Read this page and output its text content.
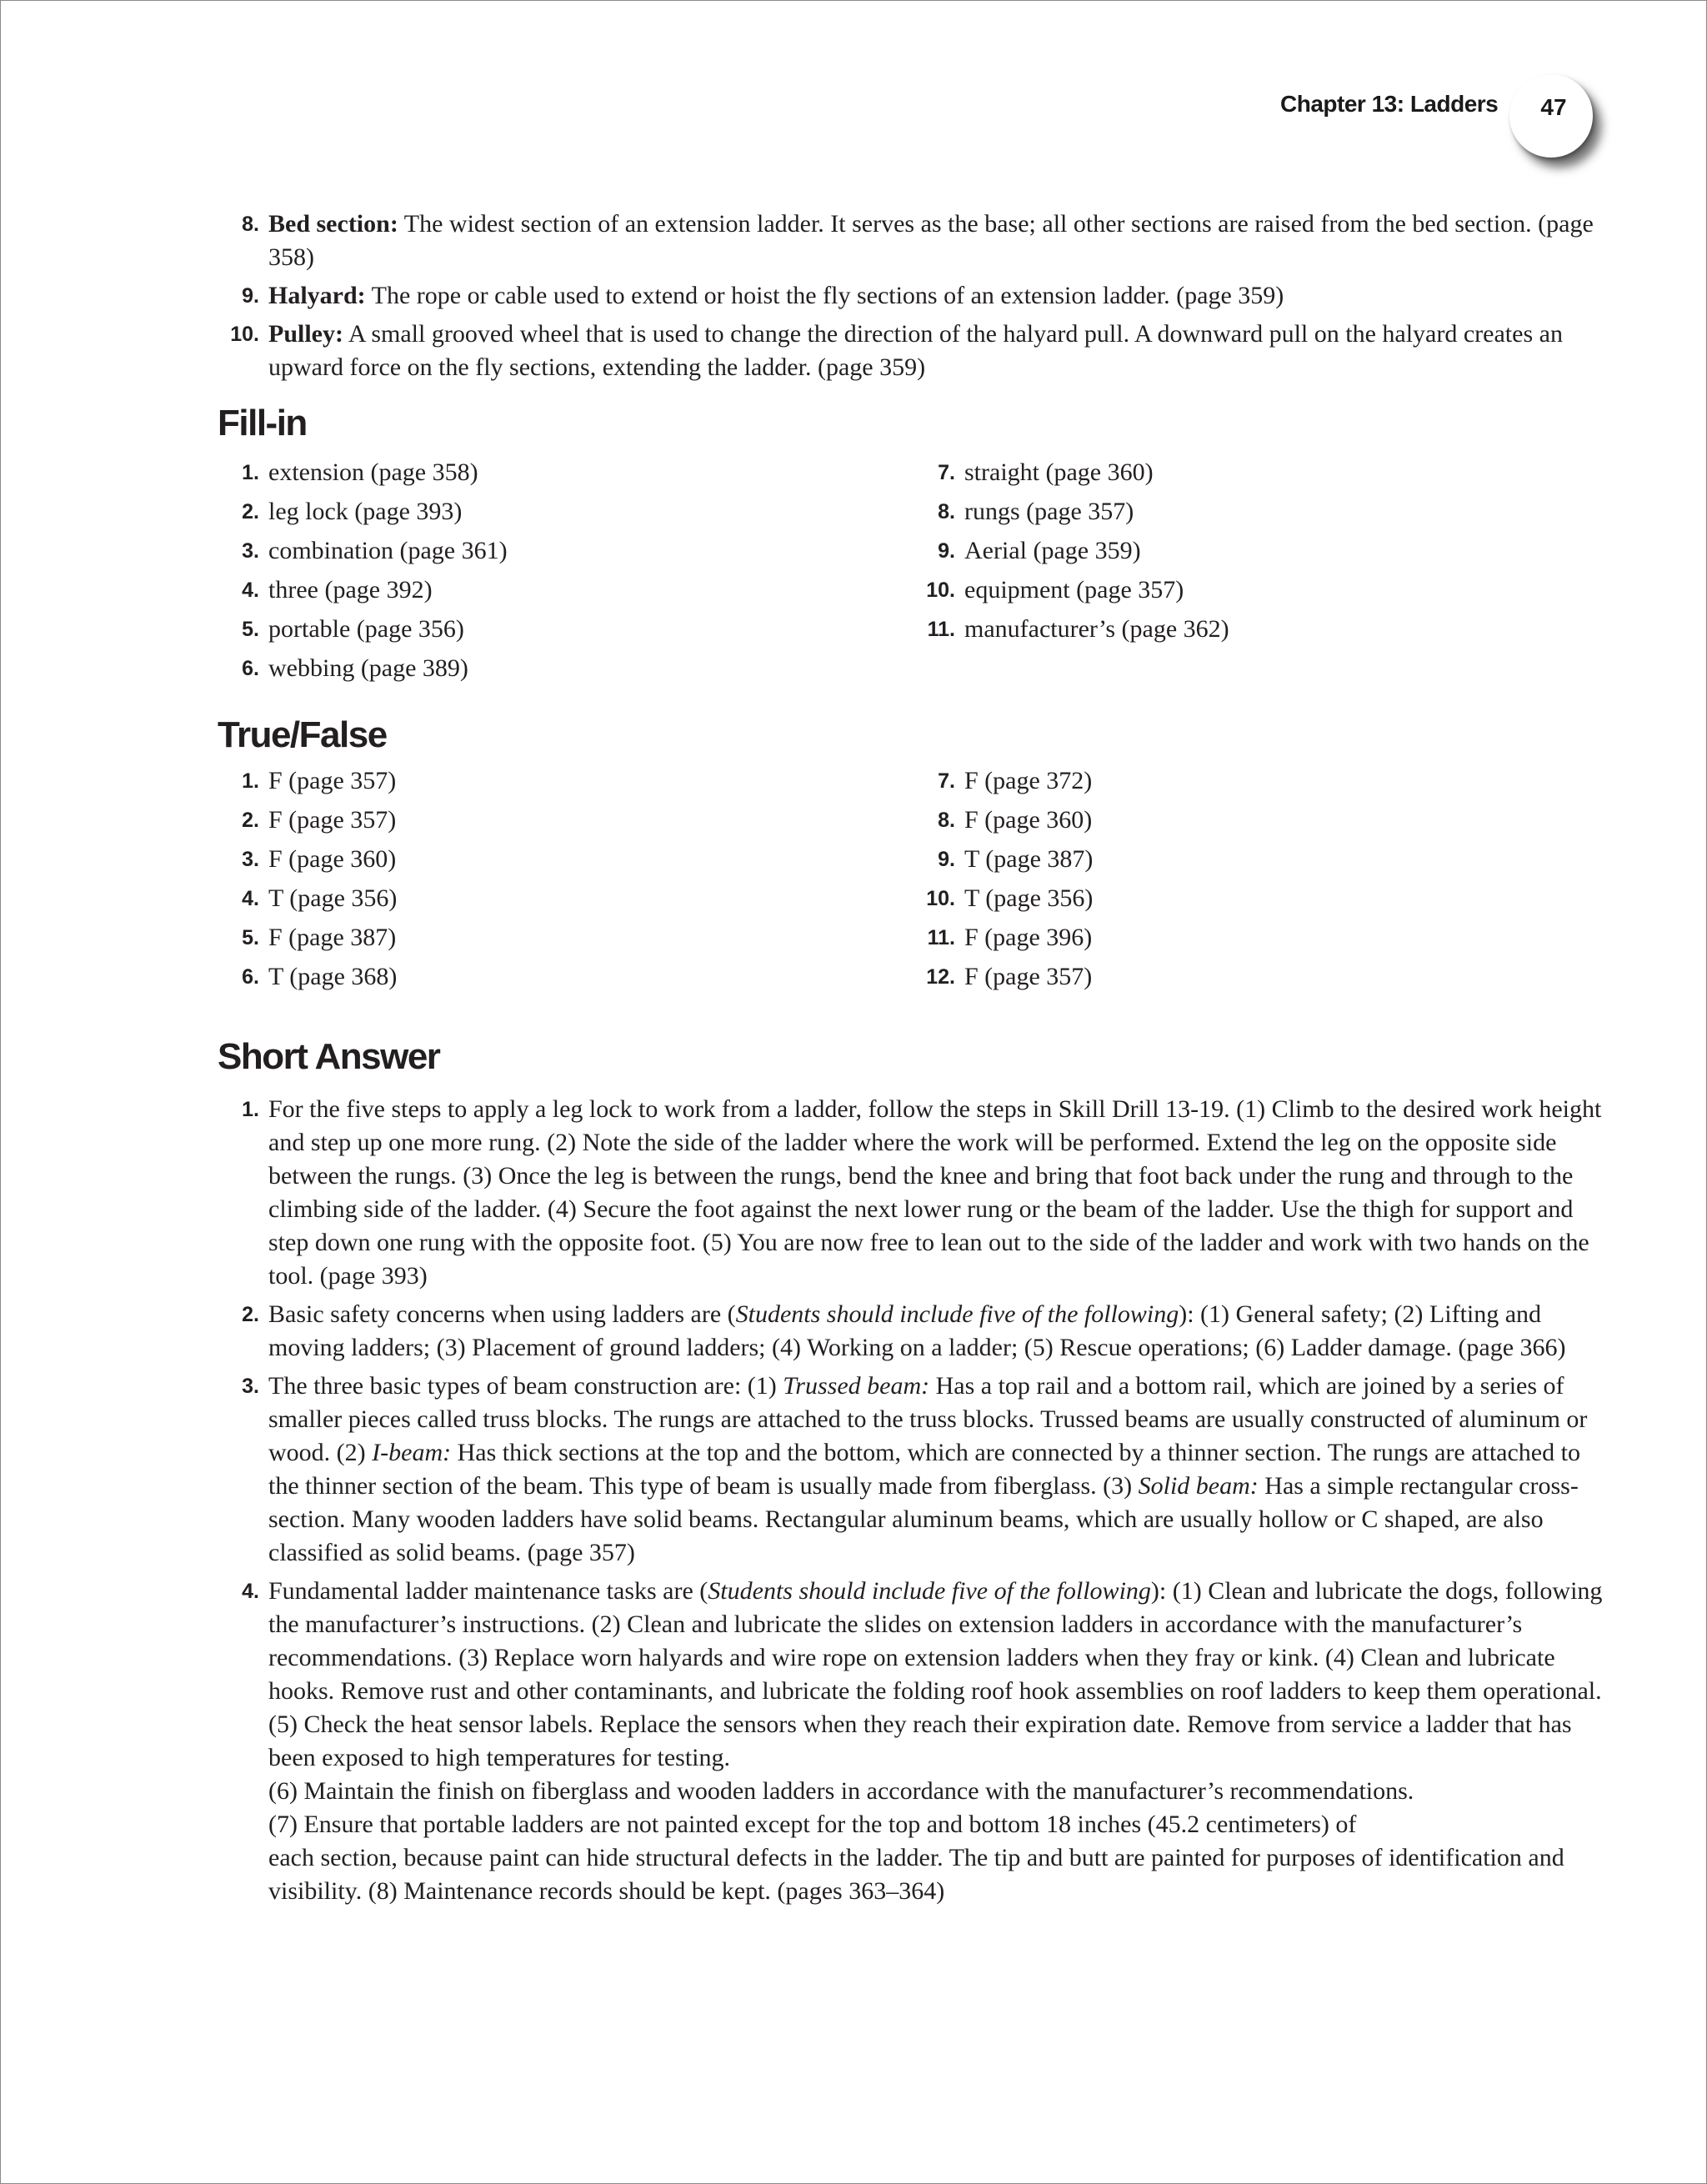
Chapter 13: Ladders	47
8. Bed section: The widest section of an extension ladder. It serves as the base; all other sections are raised from the bed section. (page 358)
9. Halyard: The rope or cable used to extend or hoist the fly sections of an extension ladder. (page 359)
10. Pulley: A small grooved wheel that is used to change the direction of the halyard pull. A downward pull on the halyard creates an upward force on the fly sections, extending the ladder. (page 359)
Fill-in
1. extension (page 358)
2. leg lock (page 393)
3. combination (page 361)
4. three (page 392)
5. portable (page 356)
6. webbing (page 389)
7. straight (page 360)
8. rungs (page 357)
9. Aerial (page 359)
10. equipment (page 357)
11. manufacturer’s (page 362)
True/False
1. F (page 357)
2. F (page 357)
3. F (page 360)
4. T (page 356)
5. F (page 387)
6. T (page 368)
7. F (page 372)
8. F (page 360)
9. T (page 387)
10. T (page 356)
11. F (page 396)
12. F (page 357)
Short Answer
1. For the five steps to apply a leg lock to work from a ladder, follow the steps in Skill Drill 13-19. (1) Climb to the desired work height and step up one more rung. (2) Note the side of the ladder where the work will be performed. Extend the leg on the opposite side between the rungs. (3) Once the leg is between the rungs, bend the knee and bring that foot back under the rung and through to the climbing side of the ladder. (4) Secure the foot against the next lower rung or the beam of the ladder. Use the thigh for support and step down one rung with the opposite foot. (5) You are now free to lean out to the side of the ladder and work with two hands on the tool. (page 393)
2. Basic safety concerns when using ladders are (Students should include five of the following): (1) General safety; (2) Lifting and moving ladders; (3) Placement of ground ladders; (4) Working on a ladder; (5) Rescue operations; (6) Ladder damage. (page 366)
3. The three basic types of beam construction are: (1) Trussed beam: Has a top rail and a bottom rail, which are joined by a series of smaller pieces called truss blocks. The rungs are attached to the truss blocks. Trussed beams are usually constructed of aluminum or wood. (2) I-beam: Has thick sections at the top and the bottom, which are connected by a thinner section. The rungs are attached to the thinner section of the beam. This type of beam is usually made from fiberglass. (3) Solid beam: Has a simple rectangular cross-section. Many wooden ladders have solid beams. Rectangular aluminum beams, which are usually hollow or C shaped, are also classified as solid beams. (page 357)
4. Fundamental ladder maintenance tasks are (Students should include five of the following): (1) Clean and lubricate the dogs, following the manufacturer’s instructions. (2) Clean and lubricate the slides on extension ladders in accordance with the manufacturer’s recommendations. (3) Replace worn halyards and wire rope on extension ladders when they fray or kink. (4) Clean and lubricate hooks. Remove rust and other contaminants, and lubricate the folding roof hook assemblies on roof ladders to keep them operational. (5) Check the heat sensor labels. Replace the sensors when they reach their expiration date. Remove from service a ladder that has been exposed to high temperatures for testing.
(6) Maintain the finish on fiberglass and wooden ladders in accordance with the manufacturer’s recommendations.
(7) Ensure that portable ladders are not painted except for the top and bottom 18 inches (45.2 centimeters) of
each section, because paint can hide structural defects in the ladder. The tip and butt are painted for purposes of identification and visibility. (8) Maintenance records should be kept. (pages 363–364)
